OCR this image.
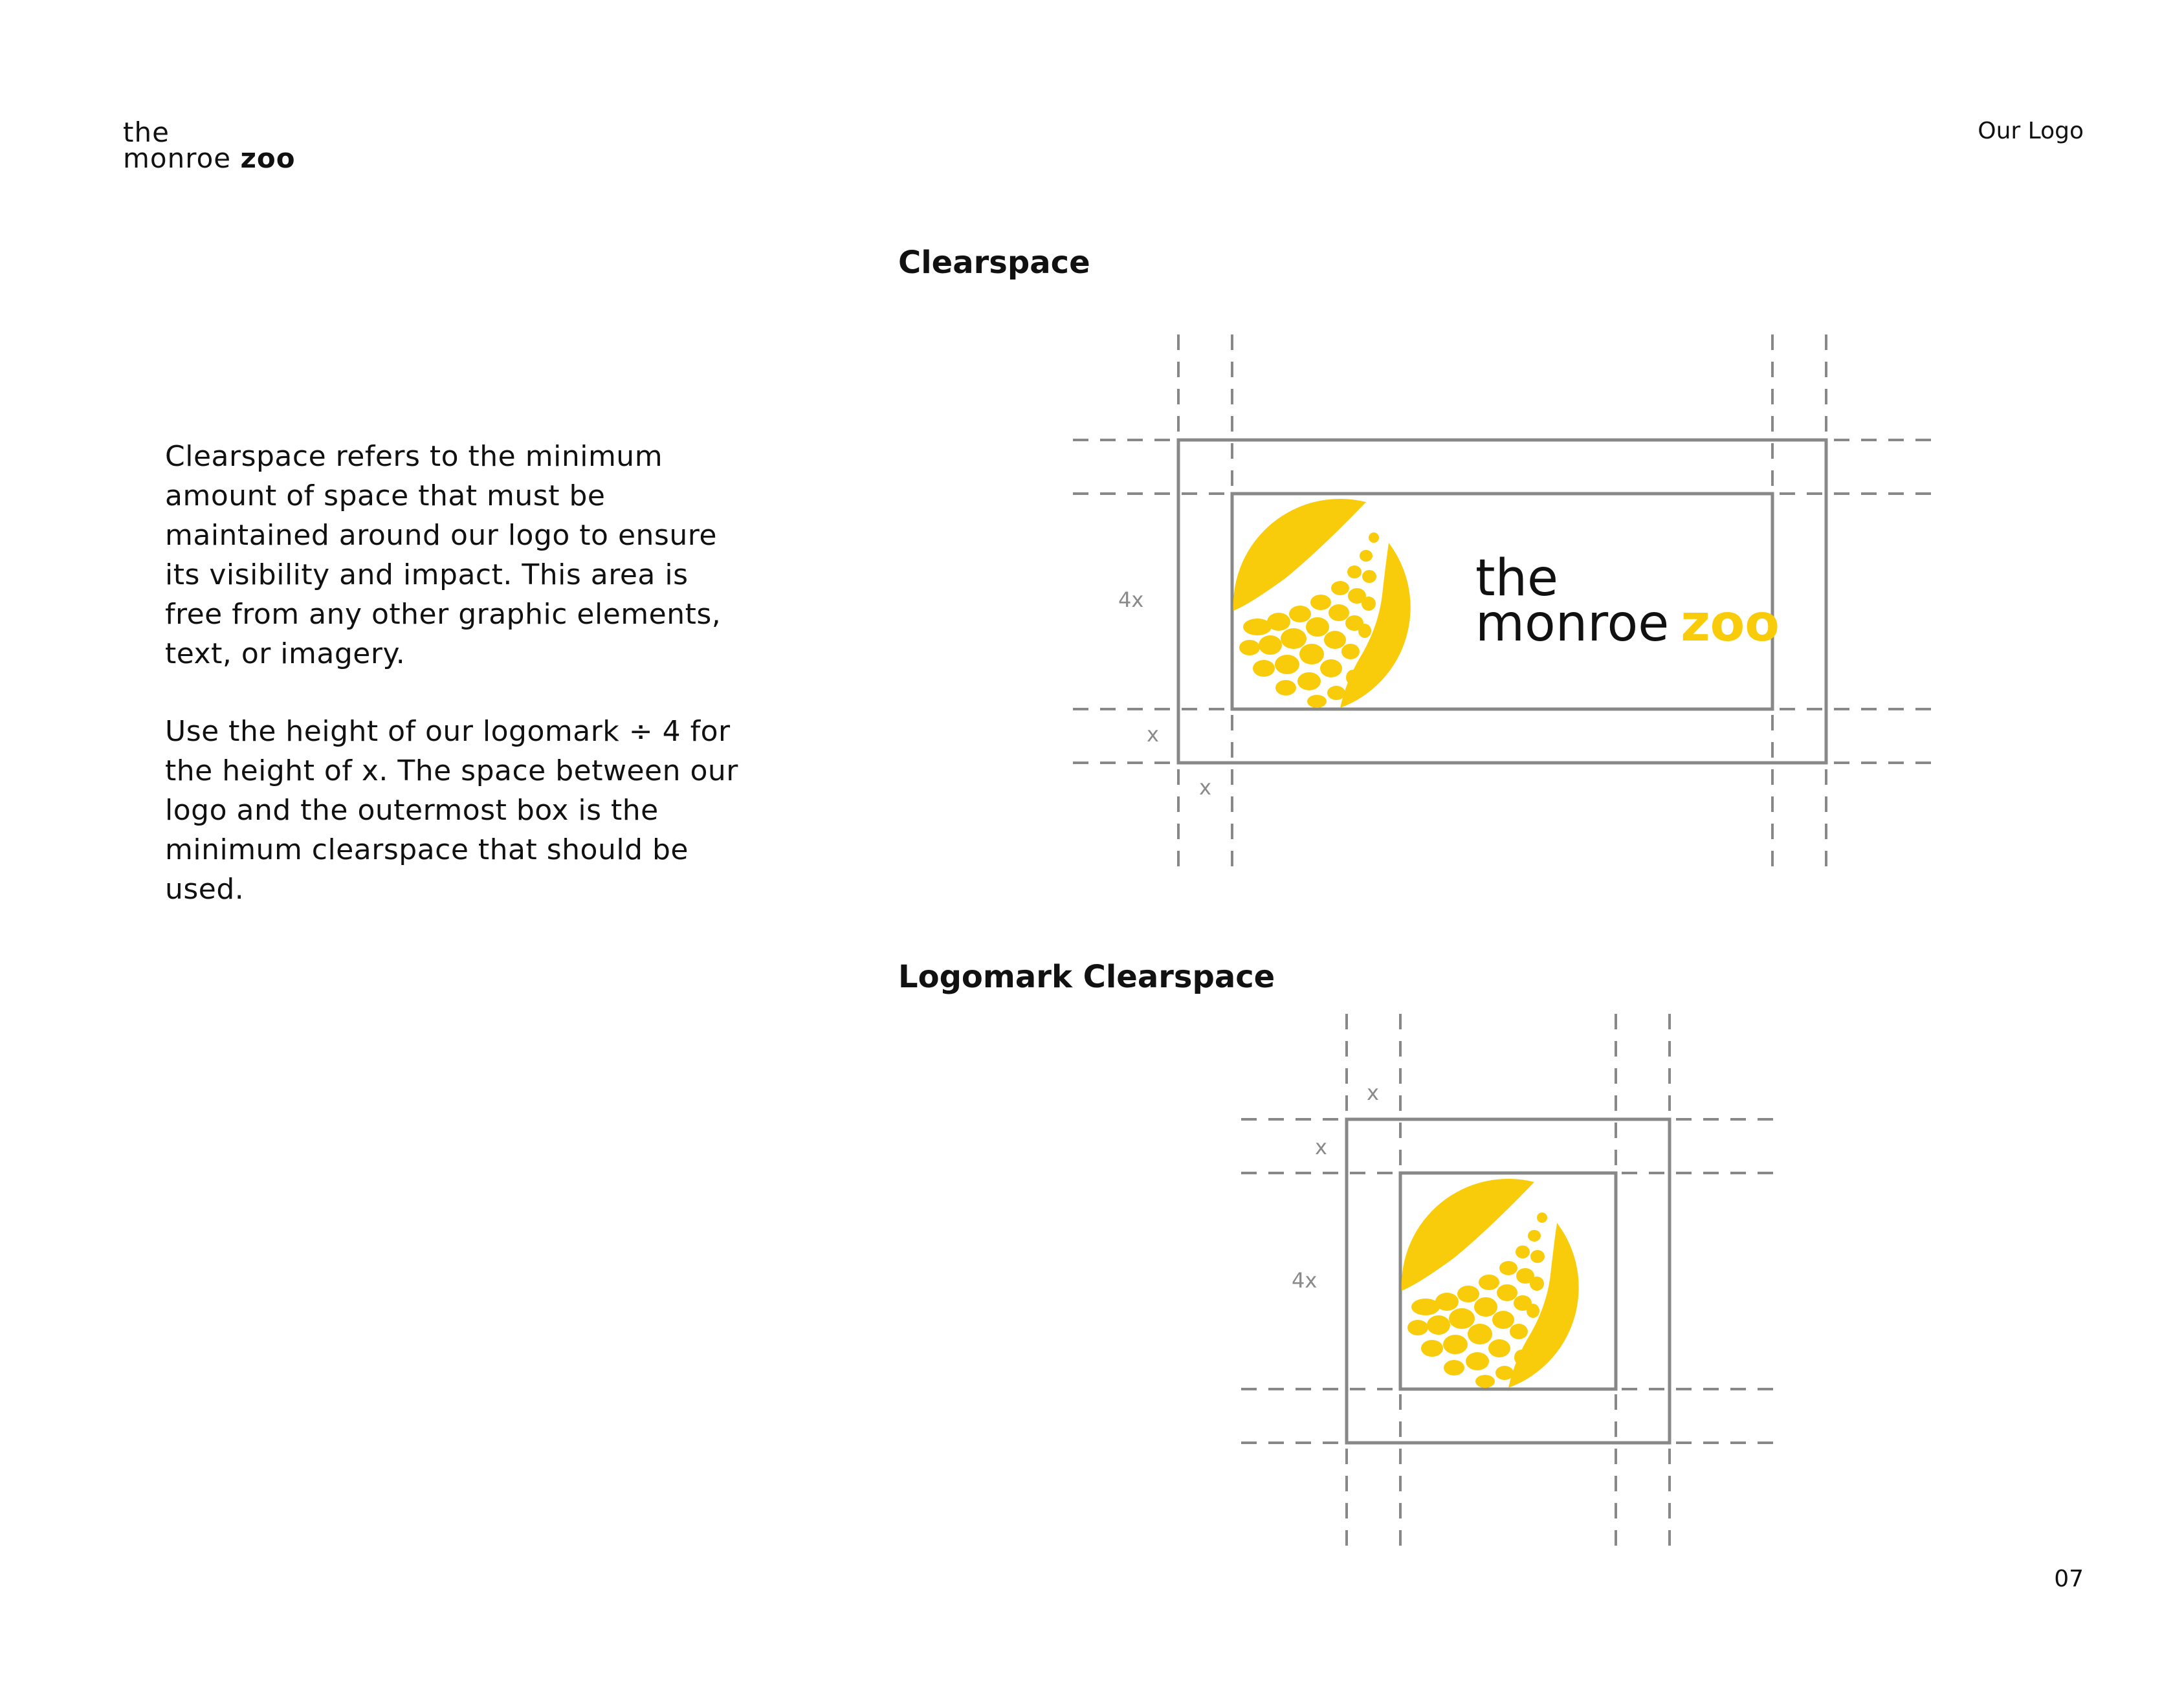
the
monroe zoo
Our Logo
Clearspace
Clearspace refers to the minimum amount of space that must be maintained around our logo to ensure its visibility and impact. This area is free from any other graphic elements, text, or imagery.
Use the height of our logomark ÷ 4 for the height of x. The space between our logo and the outermost box is the minimum clearspace that should be used.
the
monroe zoo
4x
x
x
Logomark Clearspace
x
x
4x
07
